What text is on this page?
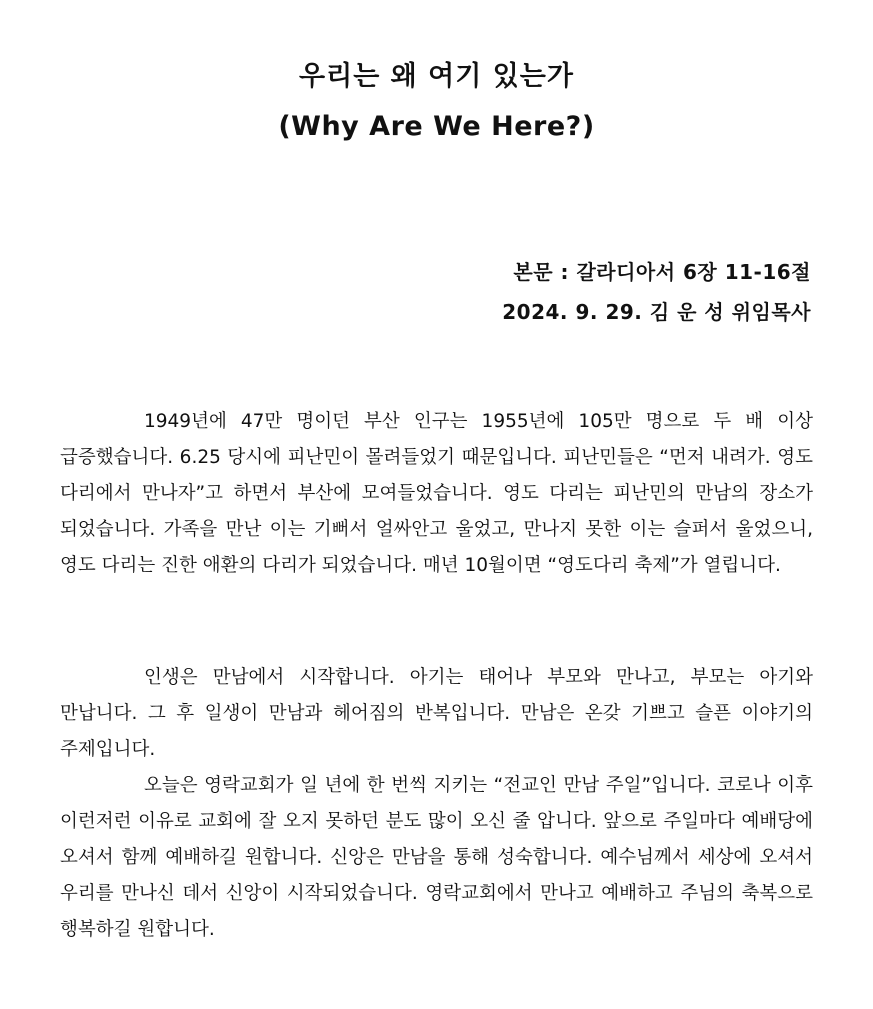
우리는 왜 여기 있는가
(Why Are We Here?)
본문 : 갈라디아서 6장 11-16절
2024. 9. 29. 김 운 성 위임목사

1949년에 47만 명이던 부산 인구는 1955년에 105만 명으로 두 배 이상 급증했습니다. 6.25 당시에 피난민이 몰려들었기 때문입니다. 피난민들은 “먼저 내려가. 영도 다리에서 만나자”고 하면서 부산에 모여들었습니다. 영도 다리는 피난민의 만남의 장소가 되었습니다. 가족을 만난 이는 기뻐서 얼싸안고 울었고, 만나지 못한 이는 슬퍼서 울었으니, 영도 다리는 진한 애환의 다리가 되었습니다. 매년 10월이면 “영도다리 축제”가 열립니다.

인생은 만남에서 시작합니다. 아기는 태어나 부모와 만나고, 부모는 아기와 만납니다. 그 후 일생이 만남과 헤어짐의 반복입니다. 만남은 온갖 기쁘고 슬픈 이야기의 주제입니다.

오늘은 영락교회가 일 년에 한 번씩 지키는 “전교인 만남 주일”입니다. 코로나 이후 이런저런 이유로 교회에 잘 오지 못하던 분도 많이 오신 줄 압니다. 앞으로 주일마다 예배당에 오셔서 함께 예배하길 원합니다. 신앙은 만남을 통해 성숙합니다. 예수님께서 세상에 오셔서 우리를 만나신 데서 신앙이 시작되었습니다. 영락교회에서 만나고 예배하고 주님의 축복으로 행복하길 원합니다.
